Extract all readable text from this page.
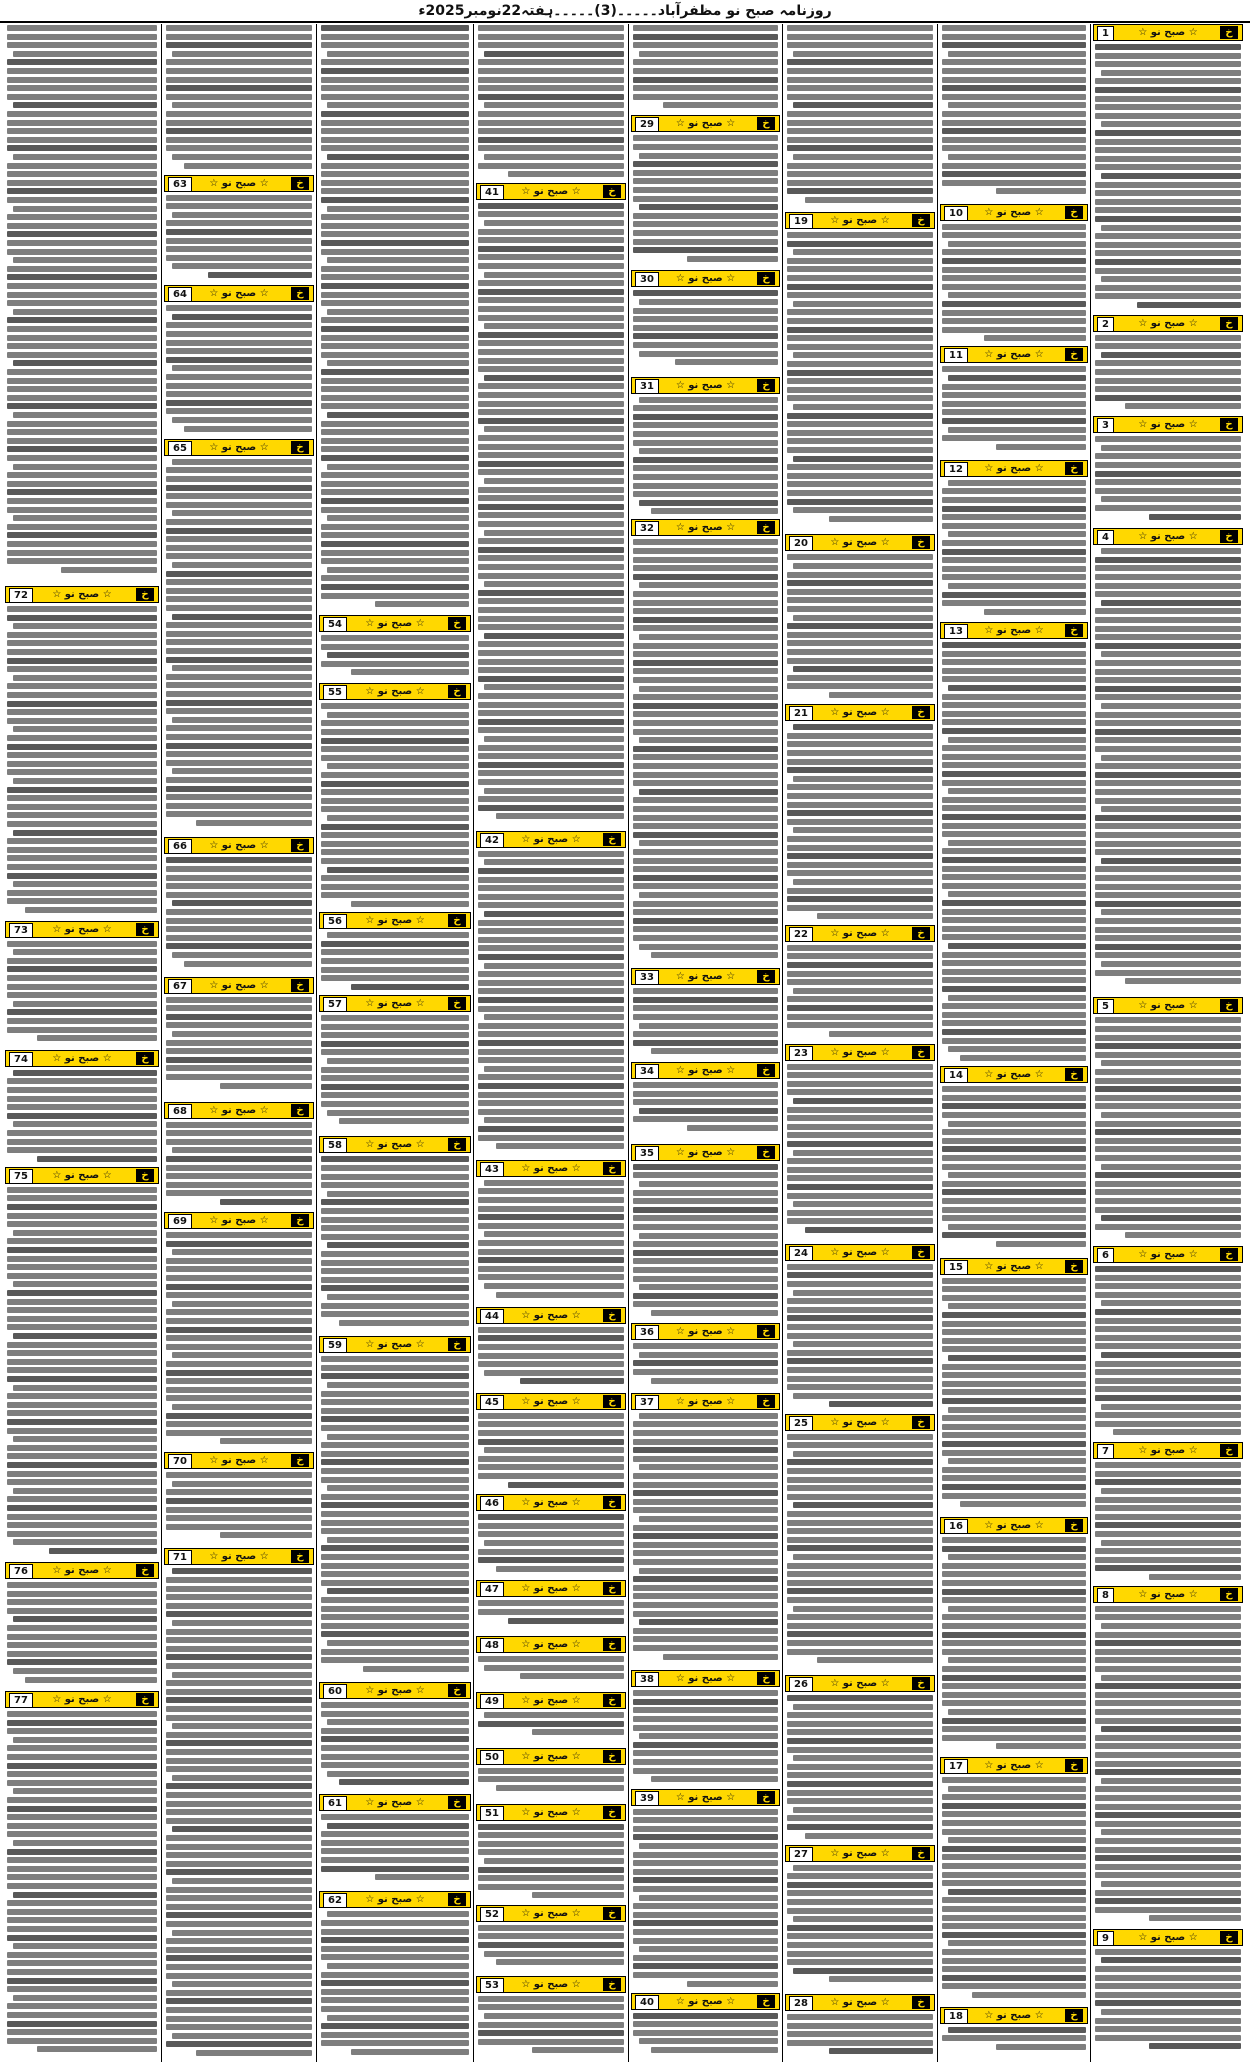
روزنامہ صبح نو مظفرآباد۔۔۔۔۔(3)۔۔۔۔۔ہفتہ22نومبر2025ء
1	☆ صبح نو ☆	خ
2	☆ صبح نو ☆	خ
3	☆ صبح نو ☆	خ
4	☆ صبح نو ☆	خ
5	☆ صبح نو ☆	خ
6	☆ صبح نو ☆	خ
7	☆ صبح نو ☆	خ
8	☆ صبح نو ☆	خ
9	☆ صبح نو ☆	خ
10	☆ صبح نو ☆	خ
11	☆ صبح نو ☆	خ
12	☆ صبح نو ☆	خ
13	☆ صبح نو ☆	خ
14	☆ صبح نو ☆	خ
15	☆ صبح نو ☆	خ
16	☆ صبح نو ☆	خ
17	☆ صبح نو ☆	خ
18	☆ صبح نو ☆	خ
19	☆ صبح نو ☆	خ
20	☆ صبح نو ☆	خ
21	☆ صبح نو ☆	خ
22	☆ صبح نو ☆	خ
23	☆ صبح نو ☆	خ
24	☆ صبح نو ☆	خ
25	☆ صبح نو ☆	خ
26	☆ صبح نو ☆	خ
27	☆ صبح نو ☆	خ
28	☆ صبح نو ☆	خ
29	☆ صبح نو ☆	خ
30	☆ صبح نو ☆	خ
31	☆ صبح نو ☆	خ
32	☆ صبح نو ☆	خ
33	☆ صبح نو ☆	خ
34	☆ صبح نو ☆	خ
35	☆ صبح نو ☆	خ
36	☆ صبح نو ☆	خ
37	☆ صبح نو ☆	خ
38	☆ صبح نو ☆	خ
39	☆ صبح نو ☆	خ
40	☆ صبح نو ☆	خ
41	☆ صبح نو ☆	خ
42	☆ صبح نو ☆	خ
43	☆ صبح نو ☆	خ
44	☆ صبح نو ☆	خ
45	☆ صبح نو ☆	خ
46	☆ صبح نو ☆	خ
47	☆ صبح نو ☆	خ
48	☆ صبح نو ☆	خ
49	☆ صبح نو ☆	خ
50	☆ صبح نو ☆	خ
51	☆ صبح نو ☆	خ
52	☆ صبح نو ☆	خ
53	☆ صبح نو ☆	خ
54	☆ صبح نو ☆	خ
55	☆ صبح نو ☆	خ
56	☆ صبح نو ☆	خ
57	☆ صبح نو ☆	خ
58	☆ صبح نو ☆	خ
59	☆ صبح نو ☆	خ
60	☆ صبح نو ☆	خ
61	☆ صبح نو ☆	خ
62	☆ صبح نو ☆	خ
63	☆ صبح نو ☆	خ
64	☆ صبح نو ☆	خ
65	☆ صبح نو ☆	خ
66	☆ صبح نو ☆	خ
67	☆ صبح نو ☆	خ
68	☆ صبح نو ☆	خ
69	☆ صبح نو ☆	خ
70	☆ صبح نو ☆	خ
71	☆ صبح نو ☆	خ
72	☆ صبح نو ☆	خ
73	☆ صبح نو ☆	خ
74	☆ صبح نو ☆	خ
75	☆ صبح نو ☆	خ
76	☆ صبح نو ☆	خ
77	☆ صبح نو ☆	خ
